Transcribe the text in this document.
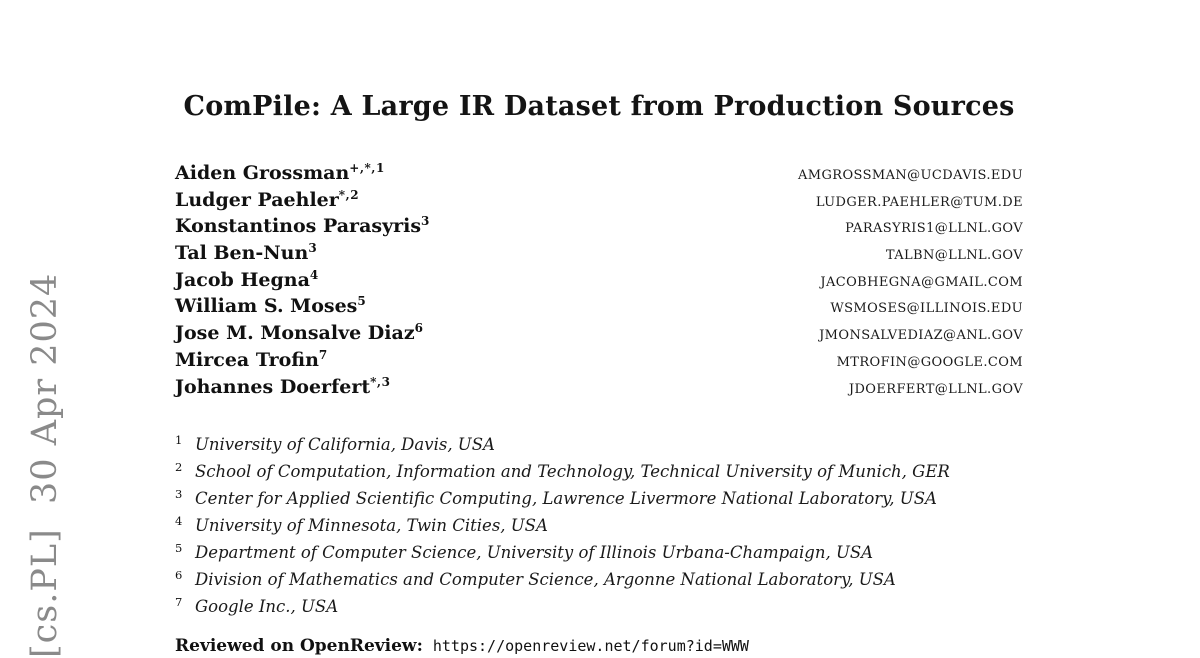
[cs.PL]  30 Apr 2024
ComPile: A Large IR Dataset from Production Sources
Aiden Grossman$^{+,*,1}$	AMGROSSMAN@UCDAVIS.EDU
Ludger Paehler$^{*,2}$	LUDGER.PAEHLER@TUM.DE
Konstantinos Parasyris$^3$	PARASYRIS1@LLNL.GOV
Tal Ben-Nun$^3$	TALBN@LLNL.GOV
Jacob Hegna$^4$	JACOBHEGNA@GMAIL.COM
William S. Moses$^5$	WSMOSES@ILLINOIS.EDU
Jose M. Monsalve Diaz$^6$	JMONSALVEDIAZ@ANL.GOV
Mircea Trofin$^7$	MTROFIN@GOOGLE.COM
Johannes Doerfert$^{*,3}$	JDOERFERT@LLNL.GOV
1 University of California, Davis, USA
2 School of Computation, Information and Technology, Technical University of Munich, GER
3 Center for Applied Scientific Computing, Lawrence Livermore National Laboratory, USA
4 University of Minnesota, Twin Cities, USA
5 Department of Computer Science, University of Illinois Urbana-Champaign, USA
6 Division of Mathematics and Computer Science, Argonne National Laboratory, USA
7 Google Inc., USA
Reviewed on OpenReview: https://openreview.net/forum?id=WWW
